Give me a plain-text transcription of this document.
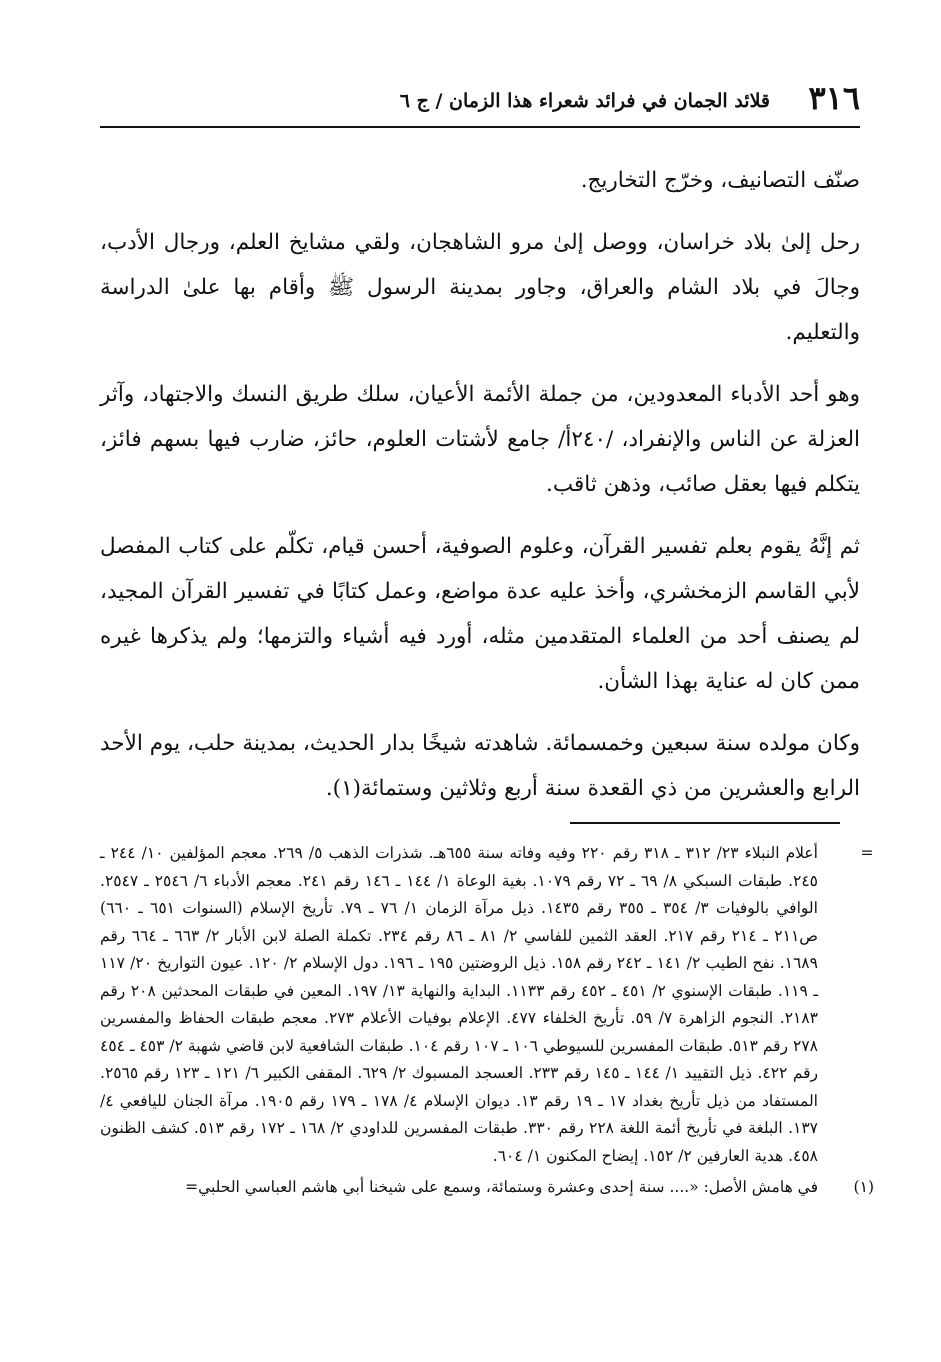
٣١٦
قلائد الجمان في فرائد شعراء هذا الزمان / ج ٦

صنّف التصانيف، وخرّج التخاريج.

رحل إلىٰ بلاد خراسان، ووصل إلىٰ مرو الشاهجان، ولقي مشايخ العلم، ورجال الأدب، وجالَ في بلاد الشام والعراق، وجاور بمدينة الرسول ﷺ وأقام بها علىٰ الدراسة والتعليم.

وهو أحد الأدباء المعدودين، من جملة الأئمة الأعيان، سلك طريق النسك والاجتهاد، وآثر العزلة عن الناس والإنفراد، /٢٤٠أ/ جامع لأشتات العلوم، حائز، ضارب فيها بسهم فائز، يتكلم فيها بعقل صائب، وذهن ثاقب.

ثم إنَّهُ يقوم بعلم تفسير القرآن، وعلوم الصوفية، أحسن قيام، تكلّم على كتاب المفصل لأبي القاسم الزمخشري، وأخذ عليه عدة مواضع، وعمل كتابًا في تفسير القرآن المجيد، لم يصنف أحد من العلماء المتقدمين مثله، أورد فيه أشياء والتزمها؛ ولم يذكرها غيره ممن كان له عناية بهذا الشأن.

وكان مولده سنة سبعين وخمسمائة. شاهدته شيخًا بدار الحديث، بمدينة حلب، يوم الأحد الرابع والعشرين من ذي القعدة سنة أربع وثلاثين وستمائة(١).

=
أعلام النبلاء ٢٣/ ٣١٢ ـ ٣١٨ رقم ٢٢٠ وفيه وفاته سنة ٦٥٥هـ. شذرات الذهب ٥/ ٢٦٩. معجم المؤلفين ١٠/ ٢٤٤ ـ ٢٤٥. طبقات السبكي ٨/ ٦٩ ـ ٧٢ رقم ١٠٧٩. بغية الوعاة ١/ ١٤٤ ـ ١٤٦ رقم ٢٤١. معجم الأدباء ٦/ ٢٥٤٦ ـ ٢٥٤٧. الوافي بالوفيات ٣/ ٣٥٤ ـ ٣٥٥ رقم ١٤٣٥. ذيل مرآة الزمان ١/ ٧٦ ـ ٧٩. تأريخ الإسلام (السنوات ٦٥١ ـ ٦٦٠) ص٢١١ ـ ٢١٤ رقم ٢١٧. العقد الثمين للفاسي ٢/ ٨١ ـ ٨٦ رقم ٢٣٤. تكملة الصلة لابن الأبار ٢/ ٦٦٣ ـ ٦٦٤ رقم ١٦٨٩. نفح الطيب ٢/ ١٤١ ـ ٢٤٢ رقم ١٥٨. ذيل الروضتين ١٩٥ ـ ١٩٦. دول الإسلام ٢/ ١٢٠. عيون التواريخ ٢٠/ ١١٧ ـ ١١٩. طبقات الإسنوي ٢/ ٤٥١ ـ ٤٥٢ رقم ١١٣٣. البداية والنهاية ١٣/ ١٩٧. المعين في طبقات المحدثين ٢٠٨ رقم ٢١٨٣. النجوم الزاهرة ٧/ ٥٩. تأريخ الخلفاء ٤٧٧. الإعلام بوفيات الأعلام ٢٧٣. معجم طبقات الحفاظ والمفسرين ٢٧٨ رقم ٥١٣. طبقات المفسرين للسيوطي ١٠٦ ـ ١٠٧ رقم ١٠٤. طبقات الشافعية لابن قاضي شهبة ٢/ ٤٥٣ ـ ٤٥٤ رقم ٤٢٢. ذيل التقييد ١/ ١٤٤ ـ ١٤٥ رقم ٢٣٣. العسجد المسبوك ٢/ ٦٢٩. المقفى الكبير ٦/ ١٢١ ـ ١٢٣ رقم ٢٥٦٥. المستفاد من ذيل تأريخ بغداد ١٧ ـ ١٩ رقم ١٣. ديوان الإسلام ٤/ ١٧٨ ـ ١٧٩ رقم ١٩٠٥. مرآة الجنان لليافعي ٤/ ١٣٧. البلغة في تأريخ أئمة اللغة ٢٢٨ رقم ٣٣٠. طبقات المفسرين للداودي ٢/ ١٦٨ ـ ١٧٢ رقم ٥١٣. كشف الظنون ٤٥٨. هدية العارفين ٢/ ١٥٢. إيضاح المكنون ١/ ٦٠٤.
(١)
في هامش الأصل: «.... سنة إحدى وعشرة وستمائة، وسمع على شيخنا أبي هاشم العباسي الحلبي=
